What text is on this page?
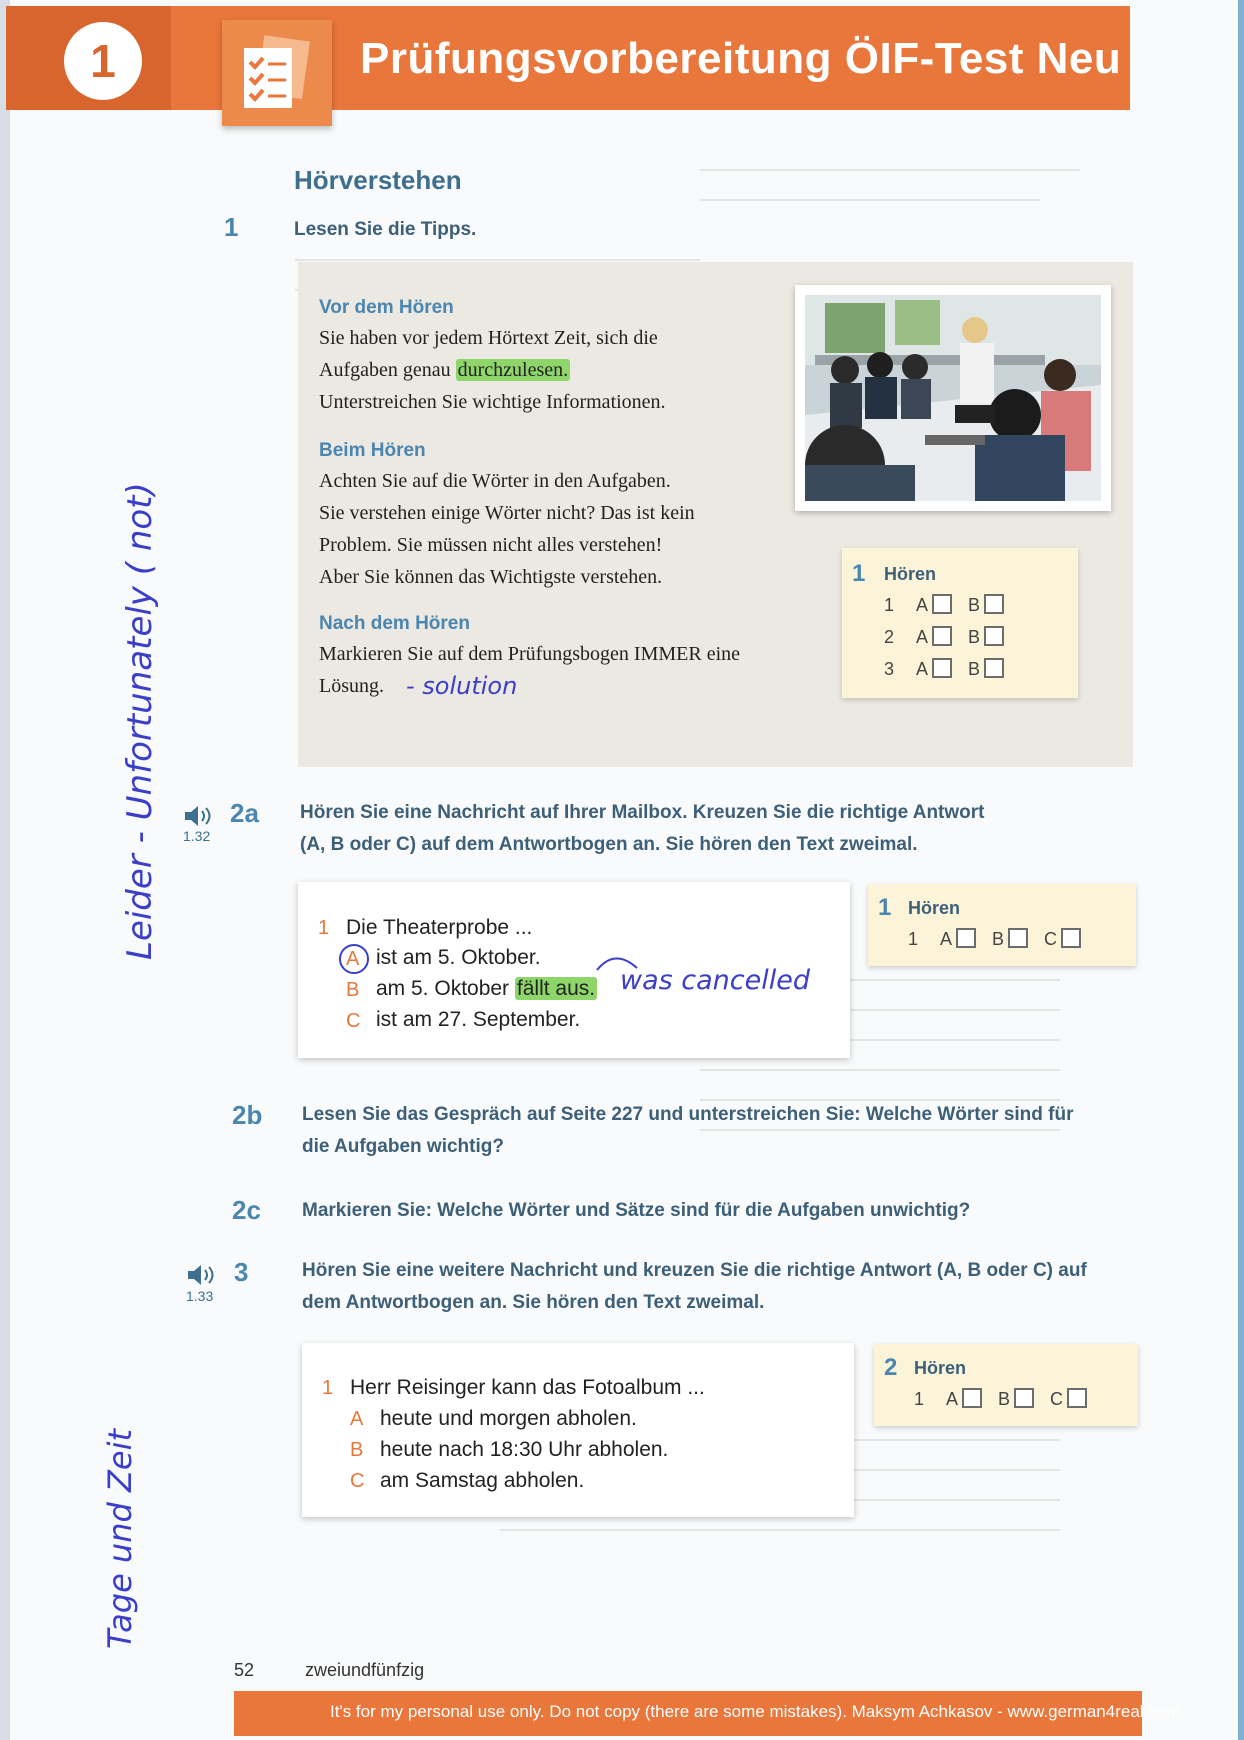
1	Prüfungsvorbereitung ÖIF-Test Neu
Hörverstehen
1	Lesen Sie die Tipps.
Vor dem Hören
Sie haben vor jedem Hörtext Zeit, sich die
Aufgaben genau durchzulesen.
Unterstreichen Sie wichtige Informationen.
Beim Hören
Achten Sie auf die Wörter in den Aufgaben.
Sie verstehen einige Wörter nicht? Das ist kein
Problem. Sie müssen nicht alles verstehen!
Aber Sie können das Wichtigste verstehen.
Nach dem Hören
Markieren Sie auf dem Prüfungsbogen IMMER eine
Lösung. - solution
1 Hören
1 A B
2 A B
3 A B
1.32
2a Hören Sie eine Nachricht auf Ihrer Mailbox. Kreuzen Sie die richtige Antwort
(A, B oder C) auf dem Antwortbogen an. Sie hören den Text zweimal.
1 Die Theaterprobe ...
A ist am 5. Oktober.
B am 5. Oktober fällt aus.
C ist am 27. September.
was cancelled
1 Hören
1 A B C
2b Lesen Sie das Gespräch auf Seite 227 und unterstreichen Sie: Welche Wörter sind für
die Aufgaben wichtig?
2c Markieren Sie: Welche Wörter und Sätze sind für die Aufgaben unwichtig?
1.33
3	Hören Sie eine weitere Nachricht und kreuzen Sie die richtige Antwort (A, B oder C) auf
dem Antwortbogen an. Sie hören den Text zweimal.
1 Herr Reisinger kann das Fotoalbum ...
A heute und morgen abholen.
B heute nach 18:30 Uhr abholen.
C am Samstag abholen.
2 Hören
1 A B C
Leider - Unfortunately ( not)
Tage und Zeit
52	zweiundfünfzig
It's for my personal use only. Do not copy (there are some mistakes). Maksym Achkasov - www.german4real.com
